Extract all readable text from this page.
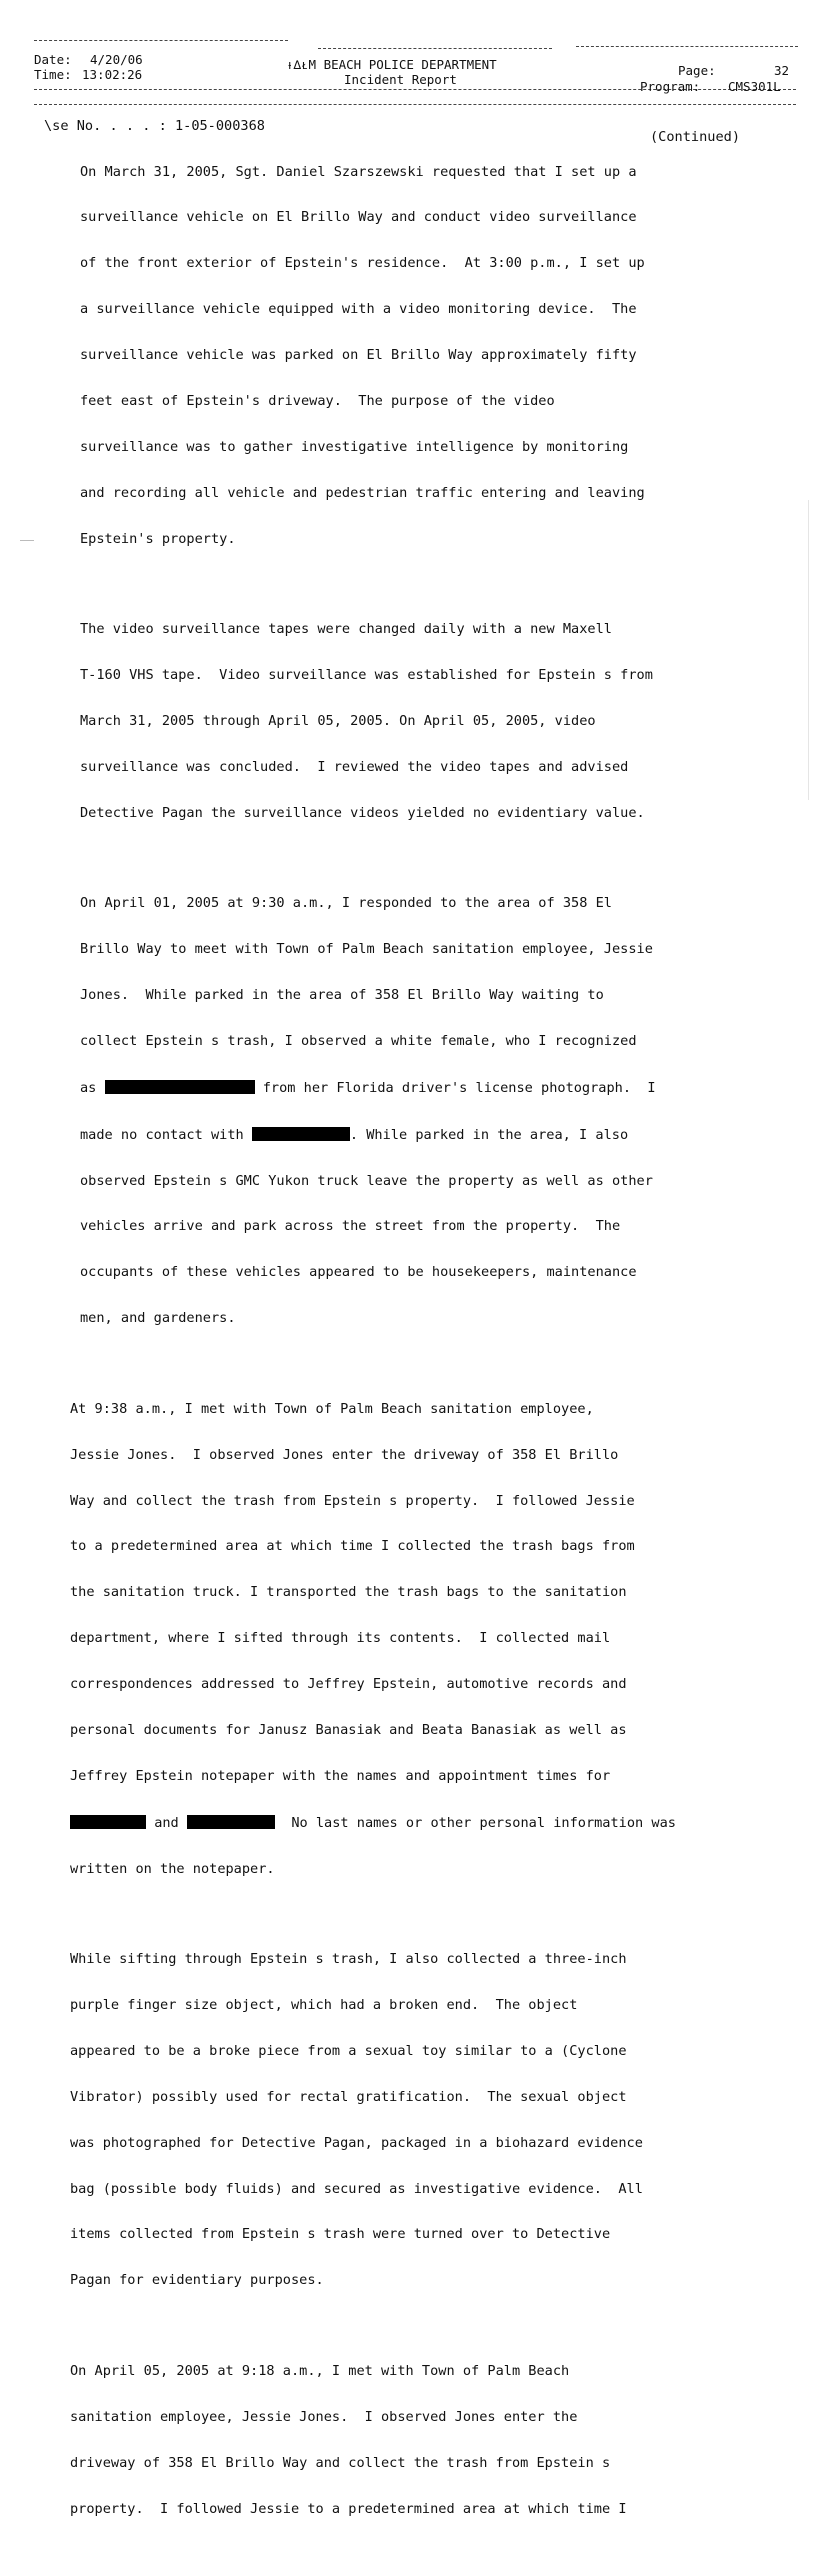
Date: 4/20/06
Time: 13:02:26
ᵼ∆ᴌM BEACH POLICE DEPARTMENT
Incident Report
Page:	32
Program: CMS301L
\se No. . . . : 1-05-000368
(Continued)

On March 31, 2005, Sgt. Daniel Szarszewski requested that I set up a

surveillance vehicle on El Brillo Way and conduct video surveillance

of the front exterior of Epstein's residence.  At 3:00 p.m., I set up

a surveillance vehicle equipped with a video monitoring device.  The

surveillance vehicle was parked on El Brillo Way approximately fifty

feet east of Epstein's driveway.  The purpose of the video

surveillance was to gather investigative intelligence by monitoring

and recording all vehicle and pedestrian traffic entering and leaving

Epstein's property.

The video surveillance tapes were changed daily with a new Maxell

T-160 VHS tape.  Video surveillance was established for Epstein s from

March 31, 2005 through April 05, 2005. On April 05, 2005, video

surveillance was concluded.  I reviewed the video tapes and advised

Detective Pagan the surveillance videos yielded no evidentiary value.

On April 01, 2005 at 9:30 a.m., I responded to the area of 358 El

Brillo Way to meet with Town of Palm Beach sanitation employee, Jessie

Jones.  While parked in the area of 358 El Brillo Way waiting to

collect Epstein s trash, I observed a white female, who I recognized

as	from her Florida driver's license photograph.  I

made no contact with	. While parked in the area, I also

observed Epstein s GMC Yukon truck leave the property as well as other

vehicles arrive and park across the street from the property.  The

occupants of these vehicles appeared to be housekeepers, maintenance

men, and gardeners.

At 9:38 a.m., I met with Town of Palm Beach sanitation employee,

Jessie Jones.  I observed Jones enter the driveway of 358 El Brillo

Way and collect the trash from Epstein s property.  I followed Jessie

to a predetermined area at which time I collected the trash bags from

the sanitation truck. I transported the trash bags to the sanitation

department, where I sifted through its contents.  I collected mail

correspondences addressed to Jeffrey Epstein, automotive records and

personal documents for Janusz Banasiak and Beata Banasiak as well as

Jeffrey Epstein notepaper with the names and appointment times for

and	No last names or other personal information was

written on the notepaper.

While sifting through Epstein s trash, I also collected a three-inch

purple finger size object, which had a broken end.  The object

appeared to be a broke piece from a sexual toy similar to a (Cyclone

Vibrator) possibly used for rectal gratification.  The sexual object

was photographed for Detective Pagan, packaged in a biohazard evidence

bag (possible body fluids) and secured as investigative evidence.  All

items collected from Epstein s trash were turned over to Detective

Pagan for evidentiary purposes.

On April 05, 2005 at 9:18 a.m., I met with Town of Palm Beach

sanitation employee, Jessie Jones.  I observed Jones enter the

driveway of 358 El Brillo Way and collect the trash from Epstein s

property.  I followed Jessie to a predetermined area at which time I
